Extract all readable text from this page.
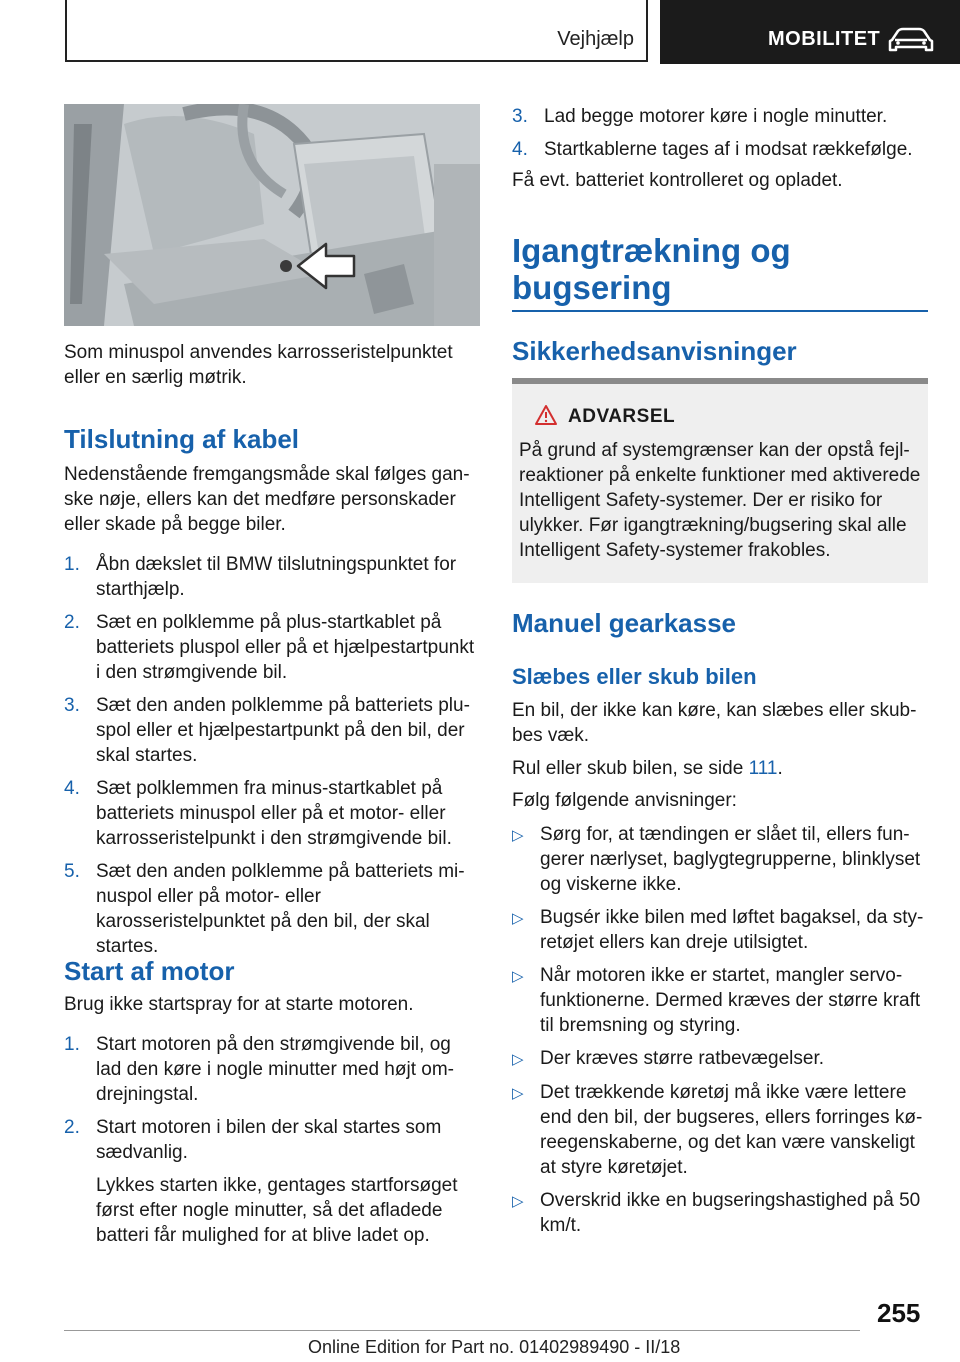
Vejhjælp	MOBILITET

Som minuspol anvendes karrosseristelpunktet eller en særlig møtrik.

Tilslutning af kabel

Nedenstående fremgangsmåde skal følges ganske nøje, ellers kan det medføre personskader eller skade på begge biler.

1. Åbn dækslet til BMW tilslutningspunktet for starthjælp.
2. Sæt en polklemme på plus-startkablet på batteriets pluspol eller på et hjælpestartpunkt i den strømgivende bil.
3. Sæt den anden polklemme på batteriets pluspol eller et hjælpestartpunkt på den bil, der skal startes.
4. Sæt polklemmen fra minus-startkablet på batteriets minuspol eller på et motor- eller karrosseristelpunkt i den strømgivende bil.
5. Sæt den anden polklemme på batteriets minuspol eller på motor- eller karosseristelpunktet på den bil, der skal startes.
Start af motor

Brug ikke startspray for at starte motoren.

1. Start motoren på den strømgivende bil, og lad den køre i nogle minutter med højt omdrejningstal.
2. Start motoren i bilen der skal startes som sædvanlig.
Lykkes starten ikke, gentages startforsøget først efter nogle minutter, så det afladede batteri får mulighed for at blive ladet op.
3. Lad begge motorer køre i nogle minutter.
4. Startkablerne tages af i modsat rækkefølge.

Få evt. batteriet kontrolleret og opladet.

Igangtrækning og bugsering
Sikkerhedsanvisninger
ADVARSEL

På grund af systemgrænser kan der opstå fejlreaktioner på enkelte funktioner med aktiverede Intelligent Safety-systemer. Der er risiko for ulykker. Før igangtrækning/bugsering skal alle Intelligent Safety-systemer frakobles.

Manuel gearkasse
Slæbes eller skub bilen

En bil, der ikke kan køre, kan slæbes eller skubbes væk.

Rul eller skub bilen, se side 111.

Følg følgende anvisninger:

▷ Sørg for, at tændingen er slået til, ellers fungerer nærlyset, baglygtegrupperne, blinklyset og viskerne ikke.
▷ Bugsér ikke bilen med løftet bagaksel, da styretøjet ellers kan dreje utilsigtet.
▷ Når motoren ikke er startet, mangler servofunktionerne. Dermed kræves der større kraft til bremsning og styring.
▷ Der kræves større ratbevægelser.
▷ Det trækkende køretøj må ikke være lettere end den bil, der bugseres, ellers forringes køreegenskaberne, og det kan være vanskeligt at styre køretøjet.
▷ Overskrid ikke en bugseringshastighed på 50 km/t.
255
Online Edition for Part no. 01402989490 - II/18
